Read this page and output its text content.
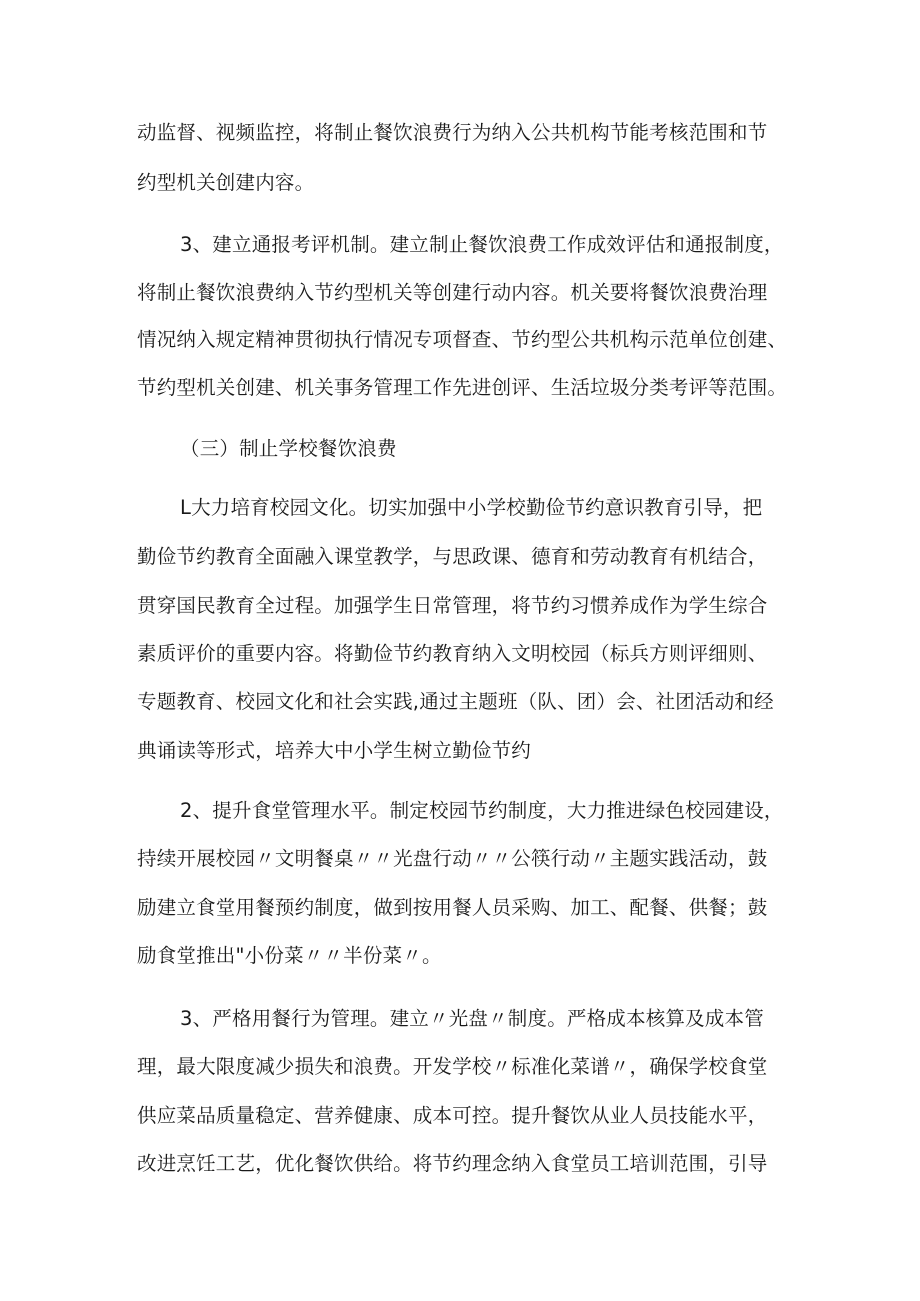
动监督、视频监控，将制止餐饮浪费行为纳入公共机构节能考核范围和节
约型机关创建内容。
3、建立通报考评机制。建立制止餐饮浪费工作成效评估和通报制度，
将制止餐饮浪费纳入节约型机关等创建行动内容。机关要将餐饮浪费治理
情况纳入规定精神贯彻执行情况专项督查、节约型公共机构示范单位创建、
节约型机关创建、机关事务管理工作先进创评、生活垃圾分类考评等范围。
（三）制止学校餐饮浪费
L大力培育校园文化。切实加强中小学校勤俭节约意识教育引导，把
勤俭节约教育全面融入课堂教学，与思政课、德育和劳动教育有机结合，
贯穿国民教育全过程。加强学生日常管理，将节约习惯养成作为学生综合
素质评价的重要内容。将勤俭节约教育纳入文明校园（标兵方则评细则、
专题教育、校园文化和社会实践,通过主题班（队、团）会、社团活动和经
典诵读等形式，培养大中小学生树立勤俭节约
2、提升食堂管理水平。制定校园节约制度，大力推进绿色校园建设，
持续开展校园〃文明餐桌〃〃光盘行动〃〃公筷行动〃主题实践活动，鼓
励建立食堂用餐预约制度，做到按用餐人员采购、加工、配餐、供餐；鼓
励食堂推出"小份菜〃〃半份菜〃。
3、严格用餐行为管理。建立〃光盘〃制度。严格成本核算及成本管
理，最大限度减少损失和浪费。开发学校〃标准化菜谱〃，确保学校食堂
供应菜品质量稳定、营养健康、成本可控。提升餐饮从业人员技能水平，
改进烹饪工艺，优化餐饮供给。将节约理念纳入食堂员工培训范围，引导
